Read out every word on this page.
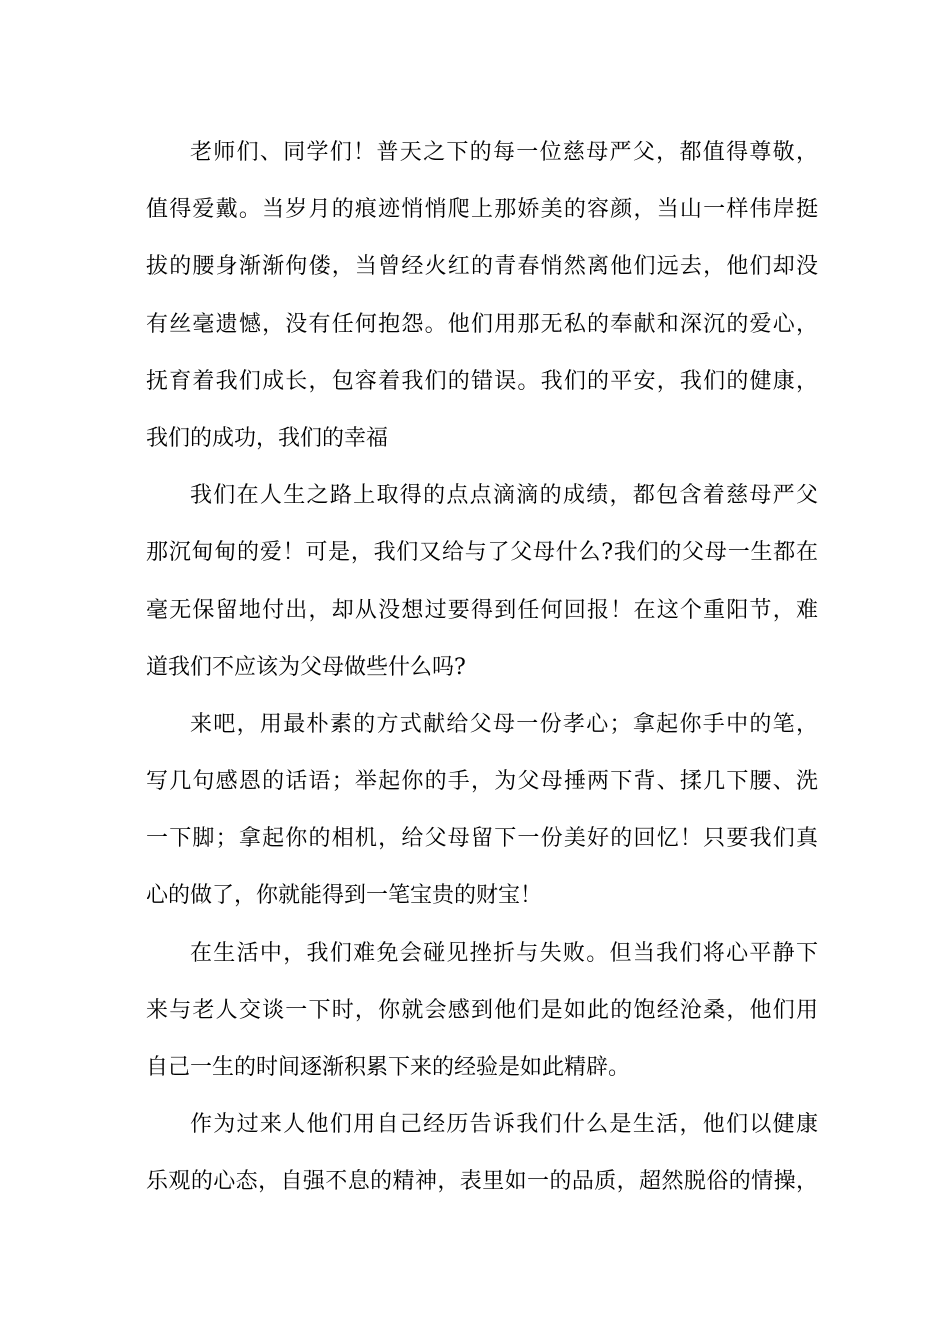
老师们、同学们！普天之下的每一位慈母严父，都值得尊敬，
值得爱戴。当岁月的痕迹悄悄爬上那娇美的容颜，当山一样伟岸挺
拔的腰身渐渐佝偻，当曾经火红的青春悄然离他们远去，他们却没
有丝毫遗憾，没有任何抱怨。他们用那无私的奉献和深沉的爱心，
抚育着我们成长，包容着我们的错误。我们的平安，我们的健康，
我们的成功，我们的幸福
我们在人生之路上取得的点点滴滴的成绩，都包含着慈母严父
那沉甸甸的爱！可是，我们又给与了父母什么?我们的父母一生都在
毫无保留地付出，却从没想过要得到任何回报！在这个重阳节，难
道我们不应该为父母做些什么吗?
来吧，用最朴素的方式献给父母一份孝心；拿起你手中的笔，
写几句感恩的话语；举起你的手，为父母捶两下背、揉几下腰、洗
一下脚；拿起你的相机，给父母留下一份美好的回忆！只要我们真
心的做了，你就能得到一笔宝贵的财宝！
在生活中，我们难免会碰见挫折与失败。但当我们将心平静下
来与老人交谈一下时，你就会感到他们是如此的饱经沧桑，他们用
自己一生的时间逐渐积累下来的经验是如此精辟。
作为过来人他们用自己经历告诉我们什么是生活，他们以健康
乐观的心态，自强不息的精神，表里如一的品质，超然脱俗的情操，
